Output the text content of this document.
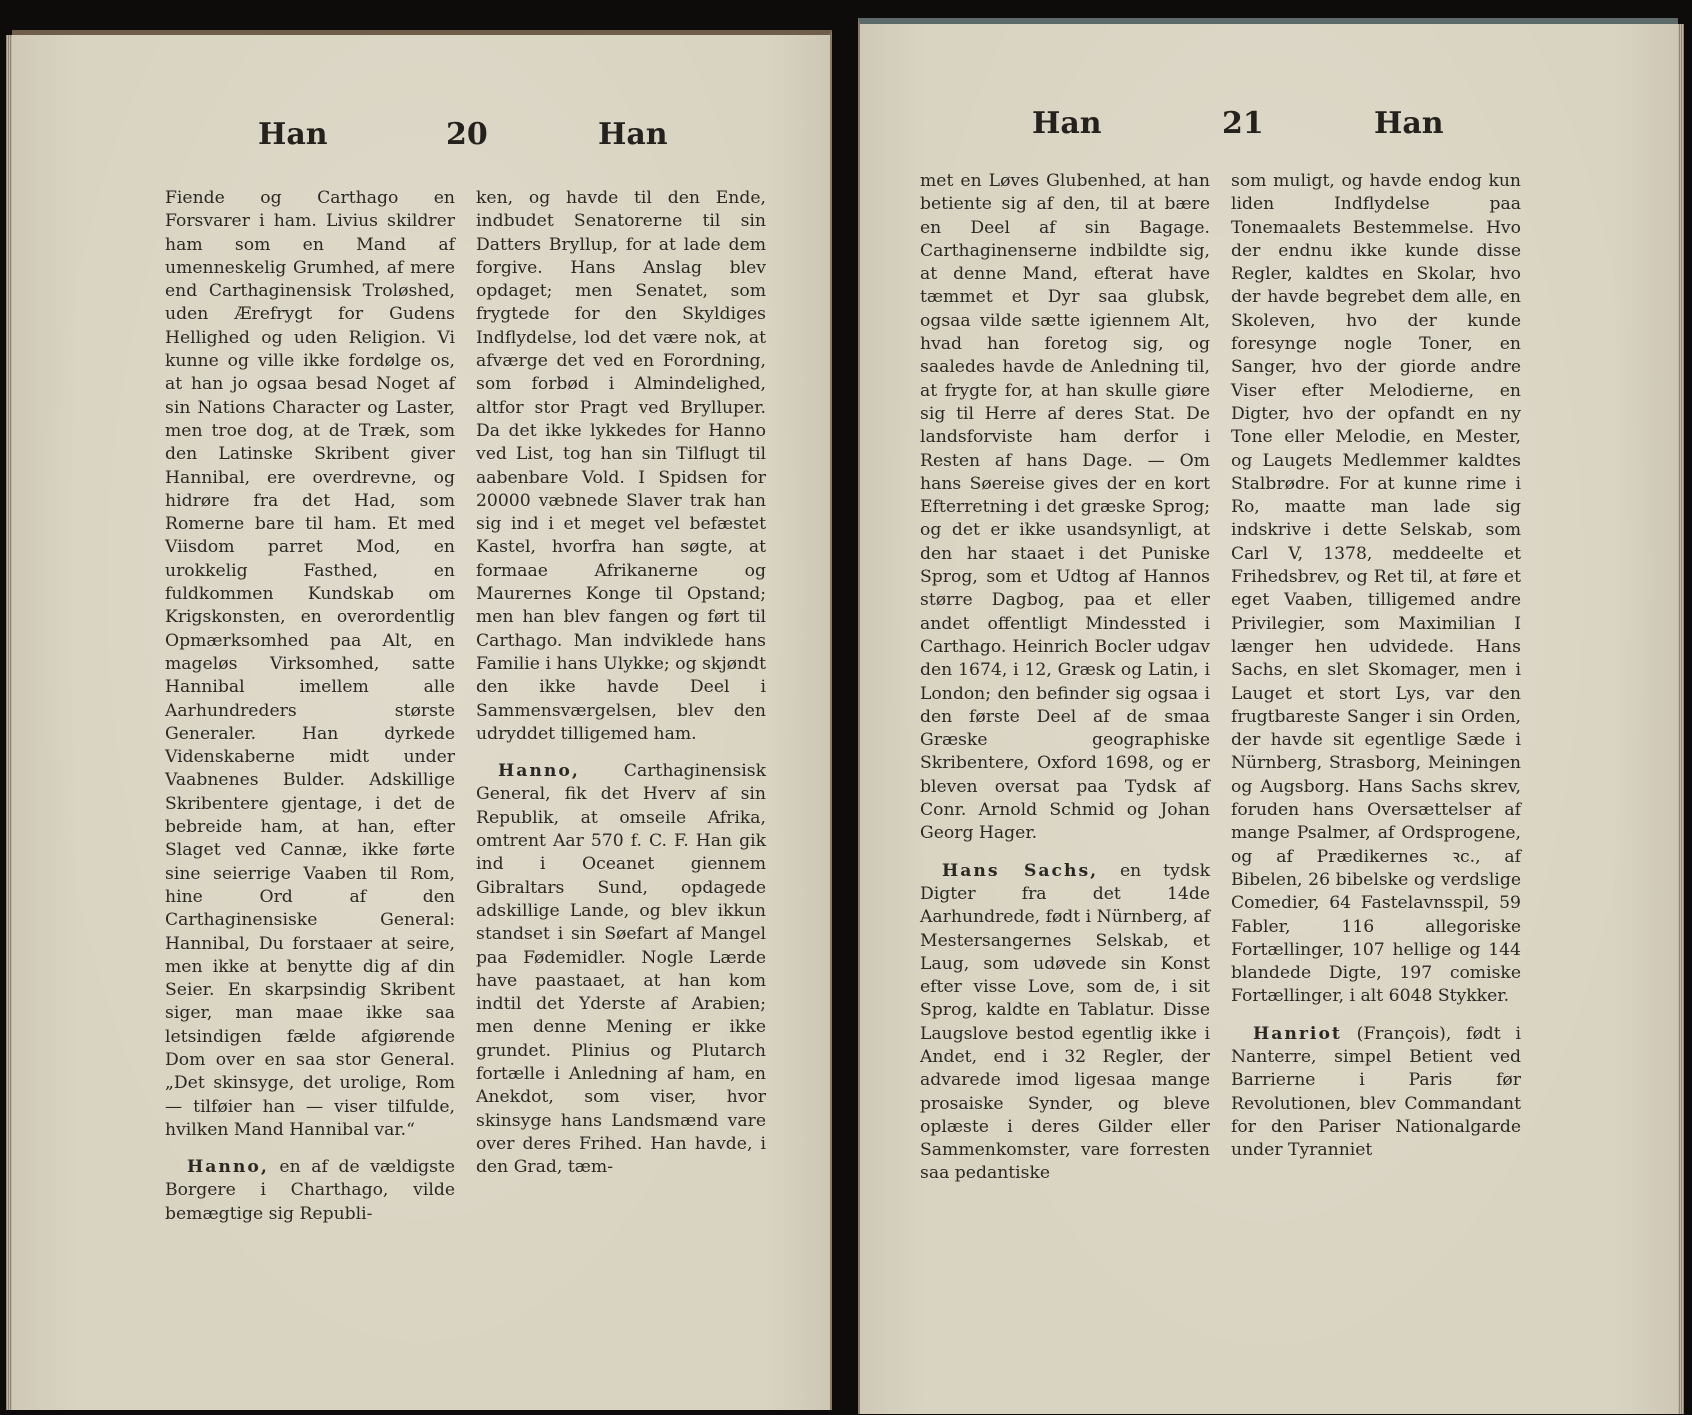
Han	20	Han

Fiende og Carthago en Forsvarer i ham. Livius skildrer ham som en Mand af umenneskelig Grumhed, af mere end Carthaginensisk Troløshed, uden Ærefrygt for Gudens Hellighed og uden Religion. Vi kunne og ville ikke fordølge os, at han jo ogsaa besad Noget af sin Nations Character og Laster, men troe dog, at de Træk, som den Latinske Skribent giver Hannibal, ere overdrevne, og hidrøre fra det Had, som Romerne bare til ham. Et med Viisdom parret Mod, en urokkelig Fasthed, en fuldkommen Kundskab om Krigskonsten, en overordentlig Opmærksomhed paa Alt, en mageløs Virksomhed, satte Hannibal imellem alle Aarhundreders største Generaler. Han dyrkede Videnskaberne midt under Vaabnenes Bulder. Adskillige Skribentere gjentage, i det de bebreide ham, at han, efter Slaget ved Cannæ, ikke førte sine seierrige Vaaben til Rom, hine Ord af den Carthaginensiske General: Hannibal, Du forstaaer at seire, men ikke at benytte dig af din Seier. En skarpsindig Skribent siger, man maae ikke saa letsindigen fælde afgiørende Dom over en saa stor General. „Det skinsyge, det urolige, Rom — tilføier han — viser tilfulde, hvilken Mand Hannibal var.“

Hanno, en af de vældigste Borgere i Charthago, vilde bemægtige sig Republi-

ken, og havde til den Ende, indbudet Senatorerne til sin Datters Bryllup, for at lade dem forgive. Hans Anslag blev opdaget; men Senatet, som frygtede for den Skyldiges Indflydelse, lod det være nok, at afværge det ved en Forordning, som forbød i Almindelighed, altfor stor Pragt ved Brylluper. Da det ikke lykkedes for Hanno ved List, tog han sin Tilflugt til aabenbare Vold. I Spidsen for 20000 væbnede Slaver trak han sig ind i et meget vel befæstet Kastel, hvorfra han søgte, at formaae Afrikanerne og Maurernes Konge til Opstand; men han blev fangen og ført til Carthago. Man indviklede hans Familie i hans Ulykke; og skjøndt den ikke havde Deel i Sammensværgelsen, blev den udryddet tilligemed ham.

Hanno,	Carthaginensisk General, fik det Hverv af sin Republik, at omseile Afrika, omtrent Aar 570 f. C. F. Han gik ind i Oceanet giennem Gibraltars Sund, opdagede adskillige Lande, og blev ikkun standset i sin Søefart af Mangel paa Fødemidler. Nogle Lærde have paastaaet, at han kom indtil det Yderste af Arabien; men denne Mening er ikke grundet. Plinius og Plutarch fortælle i Anledning af ham, en Anekdot, som viser, hvor skinsyge hans Landsmænd vare over deres Frihed. Han havde, i den Grad, tæm-

Han	21	Han

met en Løves Glubenhed, at han betiente sig af den, til at bære en Deel af sin Bagage. Carthaginenserne indbildte sig, at denne Mand, efterat have tæmmet et Dyr saa glubsk, ogsaa vilde sætte igiennem Alt, hvad han foretog sig, og saaledes havde de Anledning til, at frygte for, at han skulle giøre sig til Herre af deres Stat. De landsforviste ham derfor i Resten af hans Dage. — Om hans Søereise gives der en kort Efterretning i det græske Sprog; og det er ikke usandsynligt, at den har staaet i det Puniske Sprog, som et Udtog af Hannos større Dagbog, paa et eller andet offentligt Mindessted i Carthago. Heinrich Bocler udgav den 1674, i 12, Græsk og Latin, i London; den befinder sig ogsaa i den første Deel af de smaa Græske geographiske Skribentere, Oxford 1698, og er bleven oversat paa Tydsk af Conr. Arnold Schmid og Johan Georg Hager.

Hans Sachs, en tydsk Digter fra det 14de Aarhundrede, født i Nürnberg, af Mestersangernes Selskab, et Laug, som udøvede sin Konst efter visse Love, som de, i sit Sprog, kaldte en Tablatur. Disse Laugslove bestod egentlig ikke i Andet, end i 32 Regler, der advarede imod ligesaa mange prosaiske Synder, og bleve oplæste i deres Gilder eller Sammenkomster, vare forresten saa pedantiske

som muligt, og havde endog kun liden Indflydelse paa Tonemaalets Bestemmelse. Hvo der endnu ikke kunde disse Regler, kaldtes en Skolar, hvo der havde begrebet dem alle, en Skoleven, hvo der kunde foresynge nogle Toner, en Sanger, hvo der giorde andre Viser efter Melodierne, en Digter, hvo der opfandt en ny Tone eller Melodie, en Mester, og Laugets Medlemmer kaldtes Stalbrødre. For at kunne rime i Ro, maatte man lade sig indskrive i dette Selskab, som Carl V, 1378, meddeelte et Frihedsbrev, og Ret til, at føre et eget Vaaben, tilligemed andre Privilegier, som Maximilian I længer hen udvidede. Hans Sachs, en slet Skomager, men i Lauget et stort Lys, var den frugtbareste Sanger i sin Orden, der havde sit egentlige Sæde i Nürnberg, Strasborg, Meiningen og Augsborg. Hans Sachs skrev, foruden hans Oversættelser af mange Psalmer, af Ordsprogene, og af Prædikernes ꝛc., af Bibelen, 26 bibelske og verdslige Comedier, 64 Fastelavnsspil, 59 Fabler, 116 allegoriske Fortællinger, 107 hellige og 144 blandede Digte, 197 comiske Fortællinger, i alt 6048 Stykker.

Hanriot (François), født i Nanterre, simpel Betient ved Barrierne i Paris før Revolutionen, blev Commandant for den Pariser Nationalgarde under Tyranniet
